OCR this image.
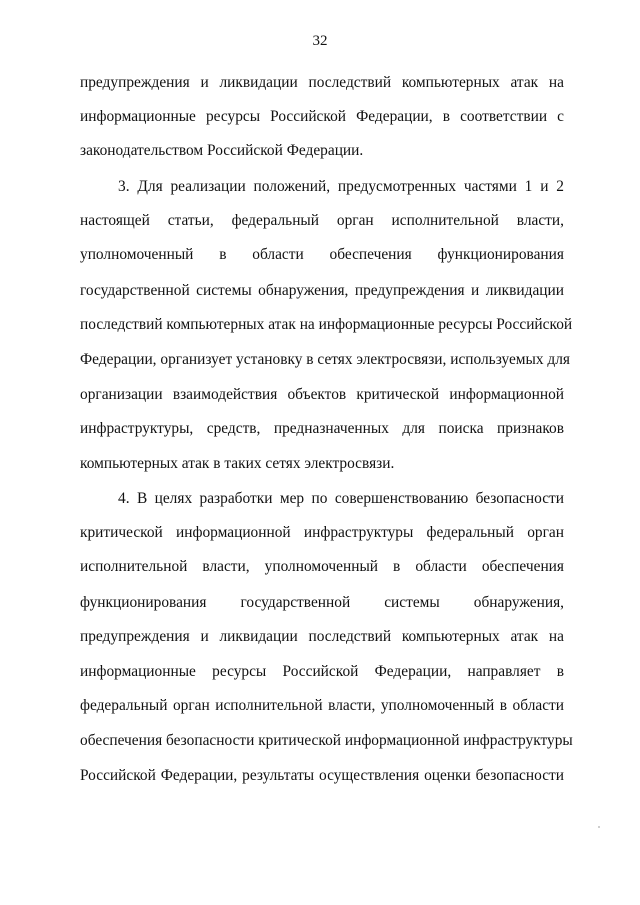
32
предупреждения и ликвидации последствий компьютерных атак на
информационные ресурсы Российской Федерации, в соответствии с
законодательством Российской Федерации.
3. Для реализации положений, предусмотренных частями 1 и 2
настоящей статьи, федеральный орган исполнительной власти,
уполномоченный в области обеспечения функционирования
государственной системы обнаружения, предупреждения и ликвидации
последствий компьютерных атак на информационные ресурсы Российской
Федерации, организует установку в сетях электросвязи, используемых для
организации взаимодействия объектов критической информационной
инфраструктуры, средств, предназначенных для поиска признаков
компьютерных атак в таких сетях электросвязи.
4. В целях разработки мер по совершенствованию безопасности
критической информационной инфраструктуры федеральный орган
исполнительной власти, уполномоченный в области обеспечения
функционирования государственной системы обнаружения,
предупреждения и ликвидации последствий компьютерных атак на
информационные ресурсы Российской Федерации, направляет в
федеральный орган исполнительной власти, уполномоченный в области
обеспечения безопасности критической информационной инфраструктуры
Российской Федерации, результаты осуществления оценки безопасности
